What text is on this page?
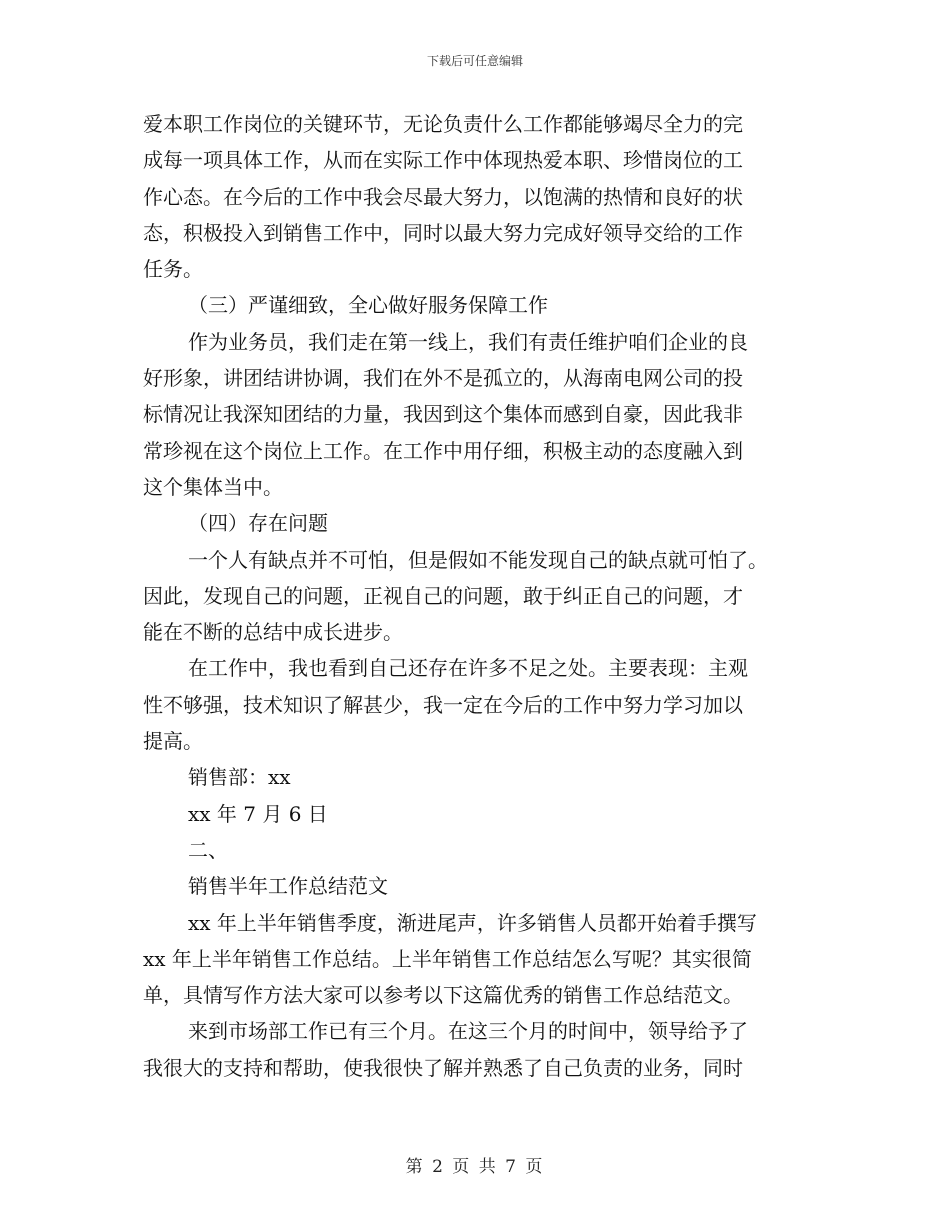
下载后可任意编辑
爱本职工作岗位的关键环节，无论负责什么工作都能够竭尽全力的完
成每一项具体工作，从而在实际工作中体现热爱本职、珍惜岗位的工
作心态。在今后的工作中我会尽最大努力，以饱满的热情和良好的状
态，积极投入到销售工作中，同时以最大努力完成好领导交给的工作
任务。
（三）严谨细致，全心做好服务保障工作
作为业务员，我们走在第一线上，我们有责任维护咱们企业的良
好形象，讲团结讲协调，我们在外不是孤立的，从海南电网公司的投
标情况让我深知团结的力量，我因到这个集体而感到自豪，因此我非
常珍视在这个岗位上工作。在工作中用仔细，积极主动的态度融入到
这个集体当中。
（四）存在问题
一个人有缺点并不可怕，但是假如不能发现自己的缺点就可怕了。
因此，发现自己的问题，正视自己的问题，敢于纠正自己的问题，才
能在不断的总结中成长进步。
在工作中，我也看到自己还存在许多不足之处。主要表现：主观
性不够强，技术知识了解甚少，我一定在今后的工作中努力学习加以
提高。
销售部：xx
xx 年 7 月 6 日
二、
销售半年工作总结范文
xx 年上半年销售季度，渐进尾声，许多销售人员都开始着手撰写
xx 年上半年销售工作总结。上半年销售工作总结怎么写呢？其实很简
单，具情写作方法大家可以参考以下这篇优秀的销售工作总结范文。
来到市场部工作已有三个月。在这三个月的时间中，领导给予了
我很大的支持和帮助，使我很快了解并熟悉了自己负责的业务，同时
第 2 页 共 7 页
